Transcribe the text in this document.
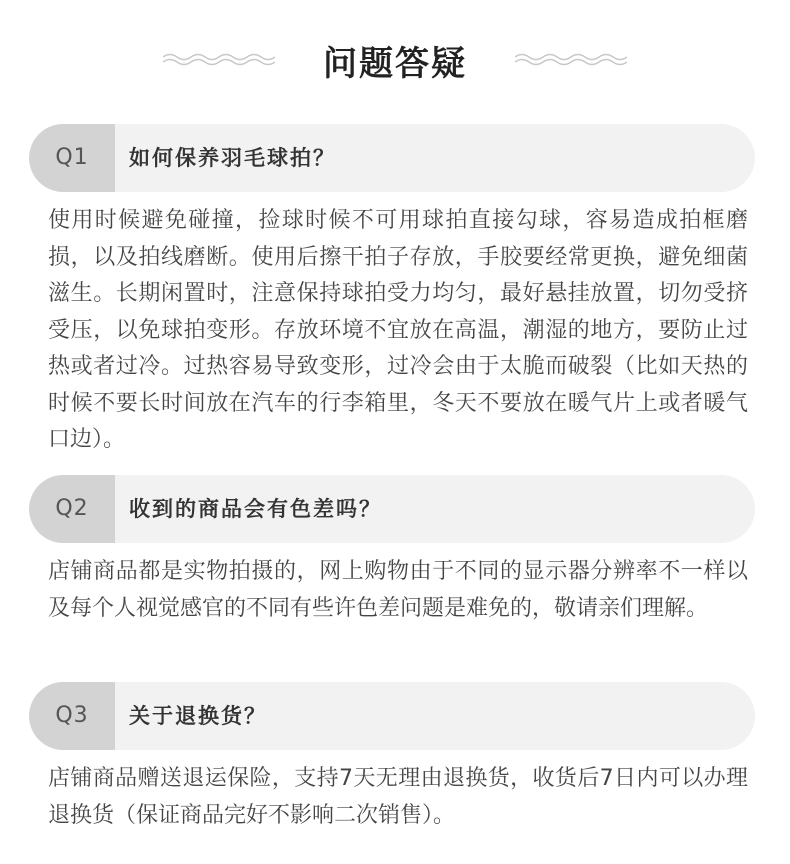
问题答疑
Q1	如何保养羽毛球拍？
使用时候避免碰撞，捡球时候不可用球拍直接勾球，容易造成拍框磨损，以及拍线磨断。使用后擦干拍子存放，手胶要经常更换，避免细菌滋生。长期闲置时，注意保持球拍受力均匀，最好悬挂放置，切勿受挤受压，以免球拍变形。存放环境不宜放在高温，潮湿的地方，要防止过热或者过冷。过热容易导致变形，过冷会由于太脆而破裂（比如天热的时候不要长时间放在汽车的行李箱里，冬天不要放在暖气片上或者暖气口边）。
Q2	收到的商品会有色差吗？
店铺商品都是实物拍摄的，网上购物由于不同的显示器分辨率不一样以及每个人视觉感官的不同有些许色差问题是难免的，敬请亲们理解。
Q3	关于退换货？
店铺商品赠送退运保险，支持7天无理由退换货，收货后7日内可以办理退换货（保证商品完好不影响二次销售）。
